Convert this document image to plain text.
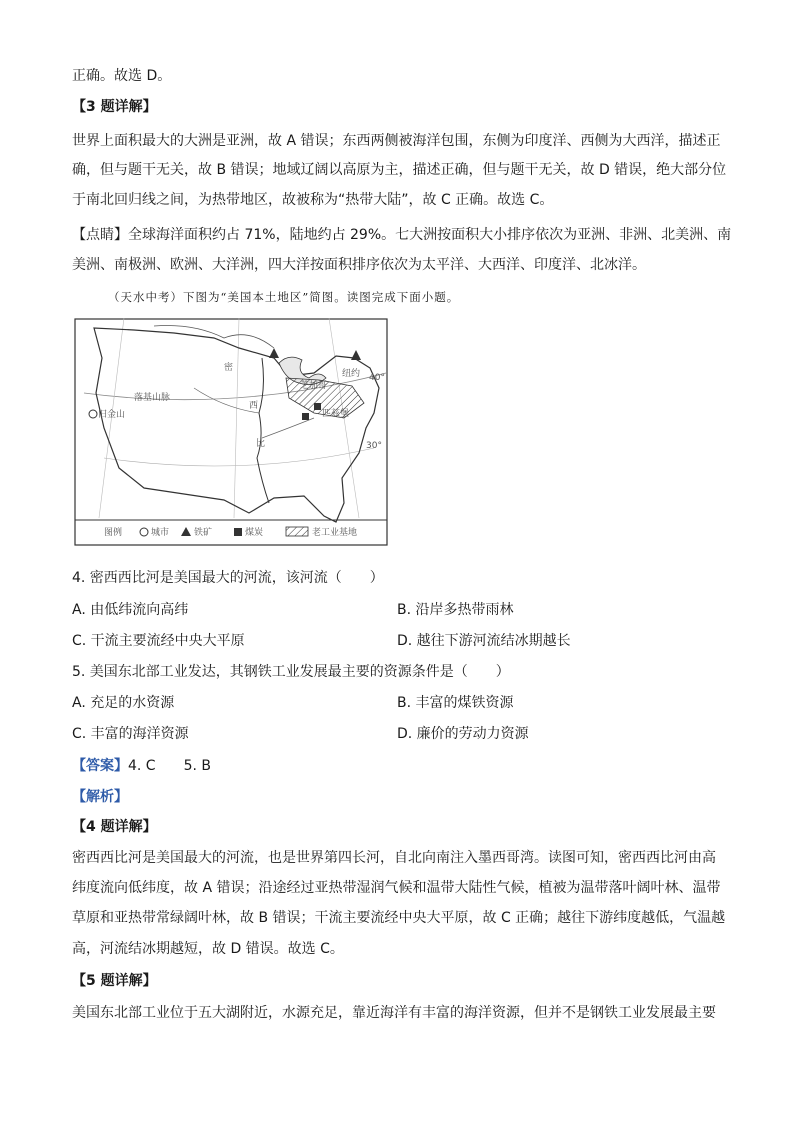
正确。故选 D。
【3 题详解】
世界上面积最大的大洲是亚洲，故 A 错误；东西两侧被海洋包围，东侧为印度洋、西侧为大西洋，描述正
确，但与题干无关，故 B 错误；地域辽阔以高原为主，描述正确，但与题干无关，故 D 错误，绝大部分位
于南北回归线之间，为热带地区，故被称为“热带大陆”，故 C 正确。故选 C。
【点睛】全球海洋面积约占 71%，陆地约占 29%。七大洲按面积大小排序依次为亚洲、非洲、北美洲、南
美洲、南极洲、欧洲、大洋洲，四大洋按面积排序依次为太平洋、大西洋、印度洋、北冰洋。
（天水中考）下图为“美国本土地区”简图。读图完成下面小题。
旧金山
落基山脉
密
西
比
纽约
匹兹堡
芝加哥
40°
30°
图例	城市	铁矿	煤炭	老工业基地
4. 密西西比河是美国最大的河流，该河流（　　）
A. 由低纬流向高纬	B. 沿岸多热带雨林
C. 干流主要流经中央大平原	D. 越往下游河流结冰期越长
5. 美国东北部工业发达，其钢铁工业发展最主要的资源条件是（　　）
A. 充足的水资源	B. 丰富的煤铁资源
C. 丰富的海洋资源	D. 廉价的劳动力资源
【答案】4. C　　5. B
【解析】
【4 题详解】
密西西比河是美国最大的河流，也是世界第四长河，自北向南注入墨西哥湾。读图可知，密西西比河由高
纬度流向低纬度，故 A 错误；沿途经过亚热带湿润气候和温带大陆性气候，植被为温带落叶阔叶林、温带
草原和亚热带常绿阔叶林，故 B 错误；干流主要流经中央大平原，故 C 正确；越往下游纬度越低，气温越
高，河流结冰期越短，故 D 错误。故选 C。
【5 题详解】
美国东北部工业位于五大湖附近，水源充足，靠近海洋有丰富的海洋资源，但并不是钢铁工业发展最主要
